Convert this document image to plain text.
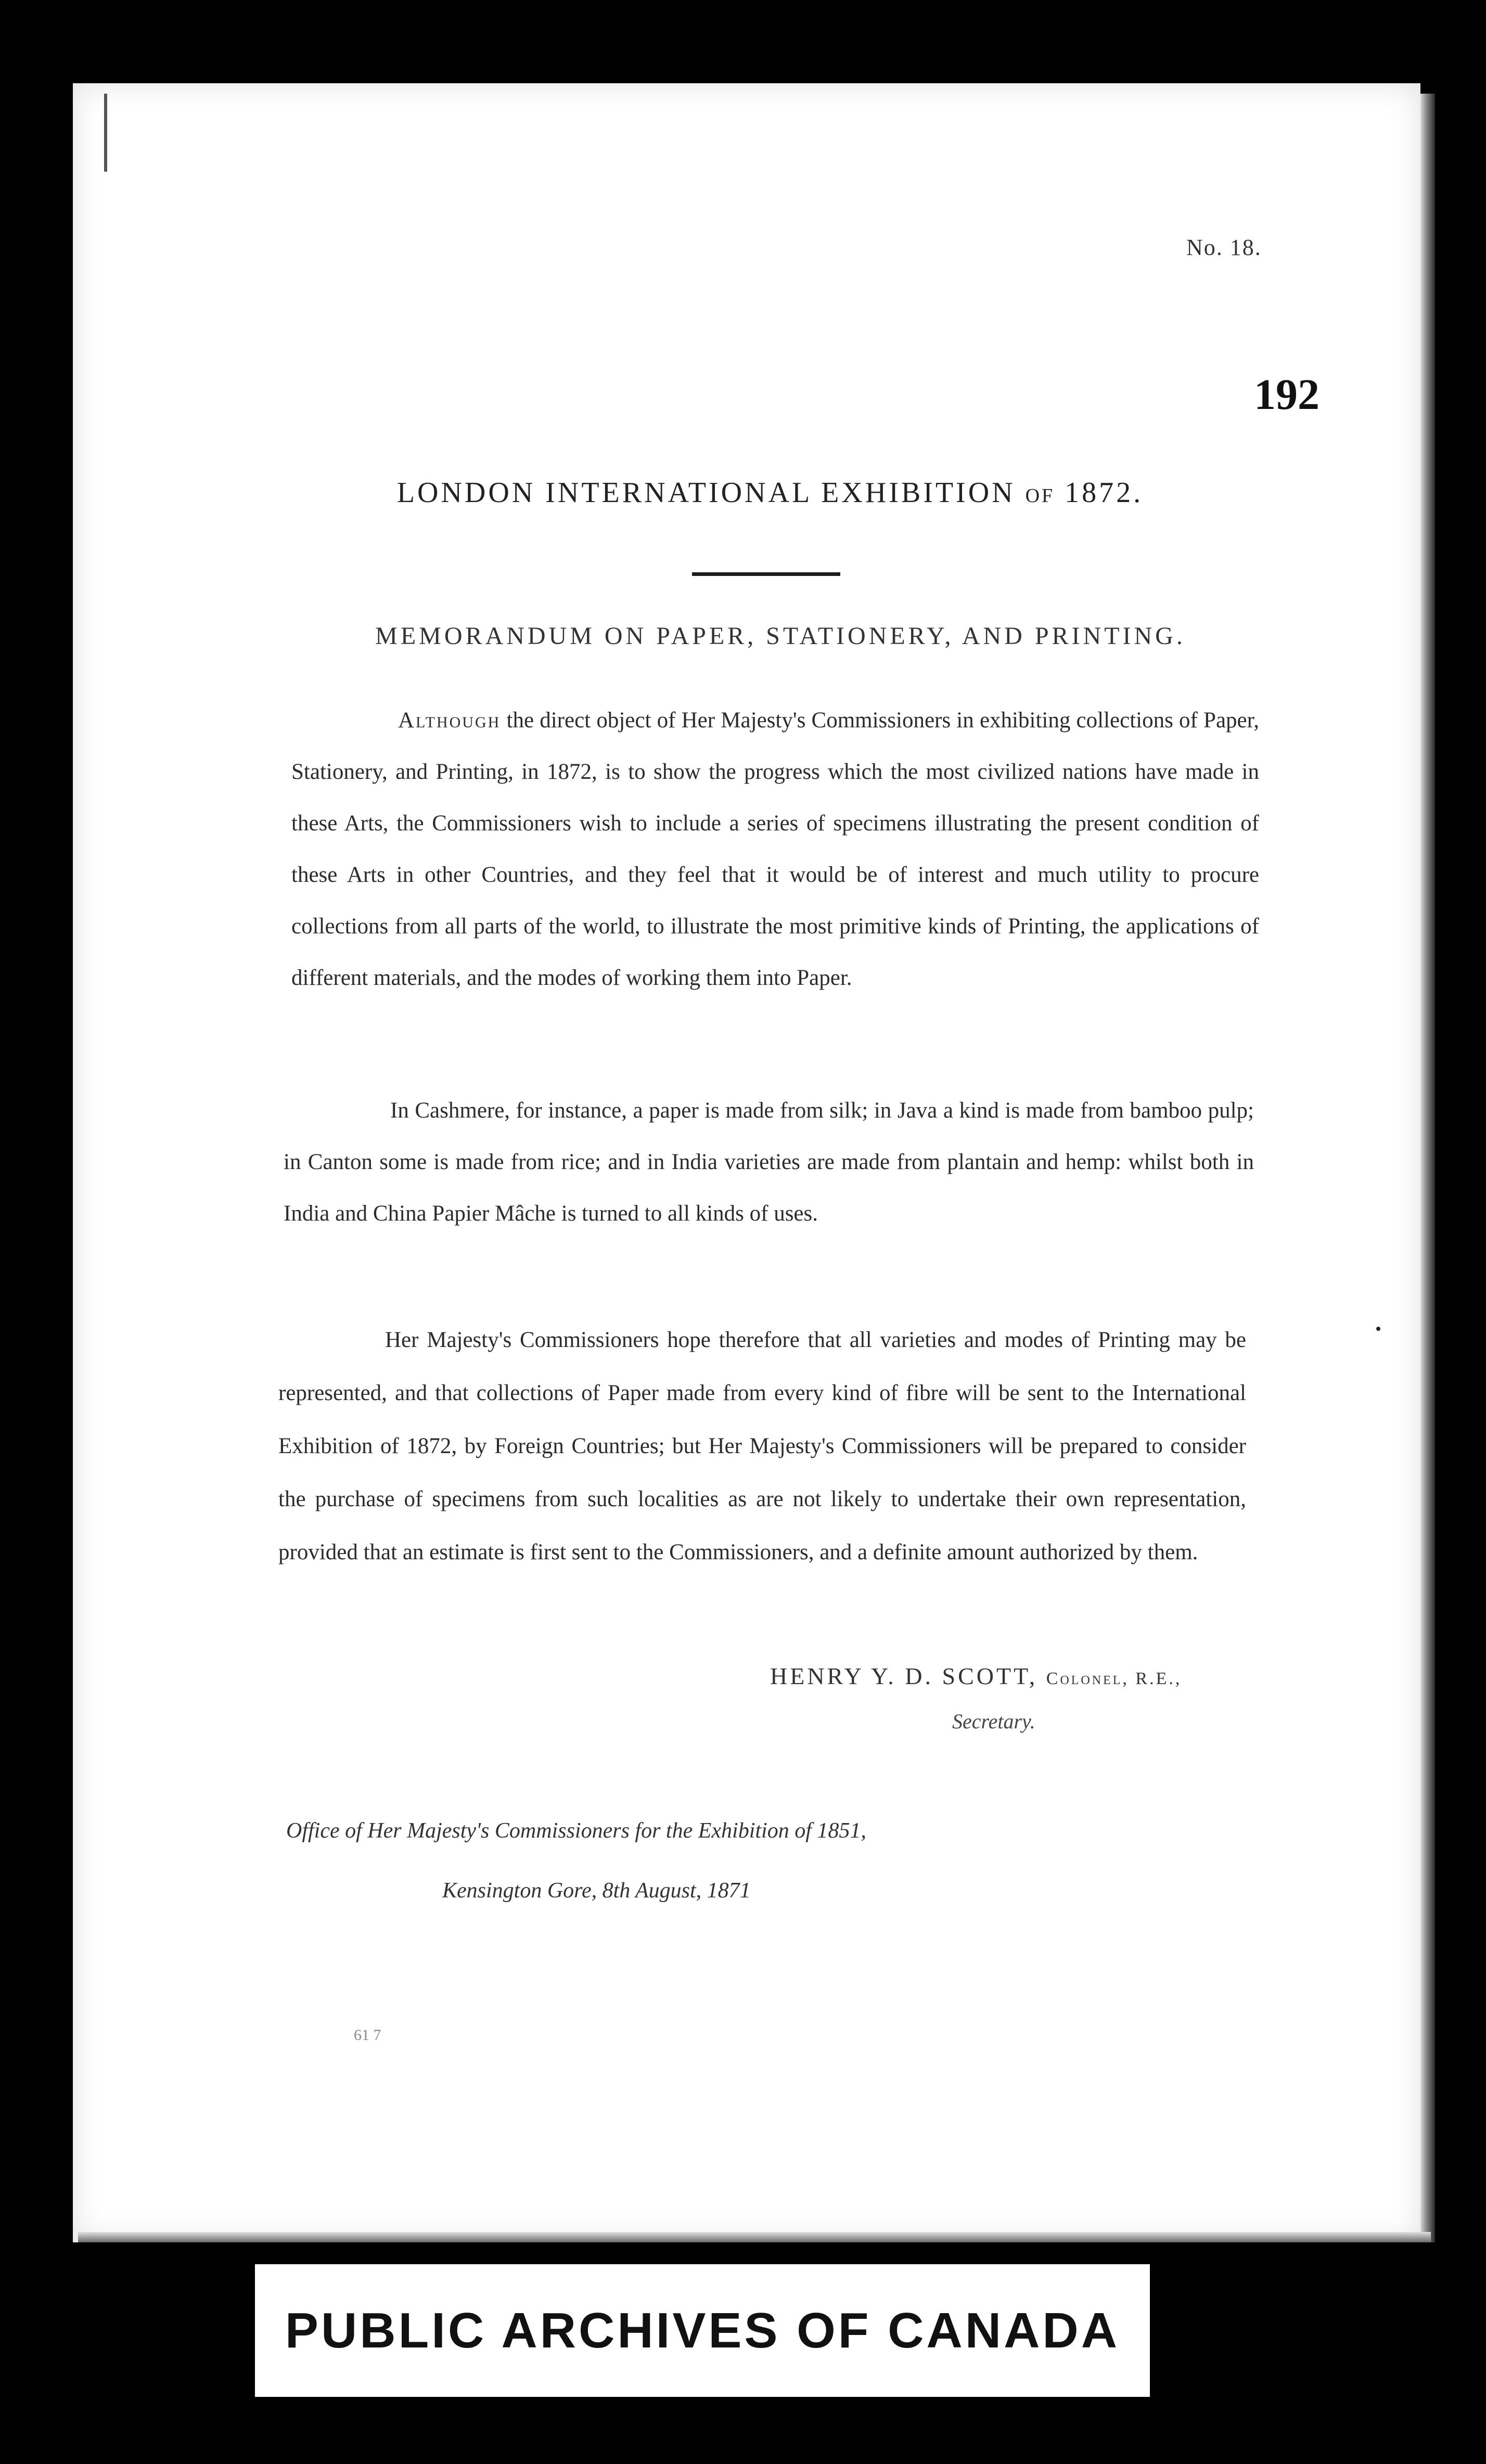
No. 18.
192
LONDON INTERNATIONAL EXHIBITION OF 1872.
MEMORANDUM ON PAPER, STATIONERY, AND PRINTING.
Although the direct object of Her Majesty's Commissioners in exhibiting collections of Paper, Stationery, and Printing, in 1872, is to show the progress which the most civilized nations have made in these Arts, the Commissioners wish to include a series of specimens illustrating the present condition of these Arts in other Countries, and they feel that it would be of interest and much utility to procure collections from all parts of the world, to illustrate the most primitive kinds of Printing, the applications of different materials, and the modes of working them into Paper.
In Cashmere, for instance, a paper is made from silk; in Java a kind is made from bamboo pulp; in Canton some is made from rice; and in India varieties are made from plantain and hemp: whilst both in India and China Papier Mâche is turned to all kinds of uses.
Her Majesty's Commissioners hope therefore that all varieties and modes of Printing may be represented, and that collections of Paper made from every kind of fibre will be sent to the International Exhibition of 1872, by Foreign Countries; but Her Majesty's Commissioners will be prepared to consider the purchase of specimens from such localities as are not likely to undertake their own representation, provided that an estimate is first sent to the Commissioners, and a definite amount authorized by them.
HENRY Y. D. SCOTT, Colonel, R.E.,
Secretary.
Office of Her Majesty's Commissioners for the Exhibition of 1851,
Kensington Gore, 8th August, 1871
61 7
PUBLIC ARCHIVES OF CANADA
